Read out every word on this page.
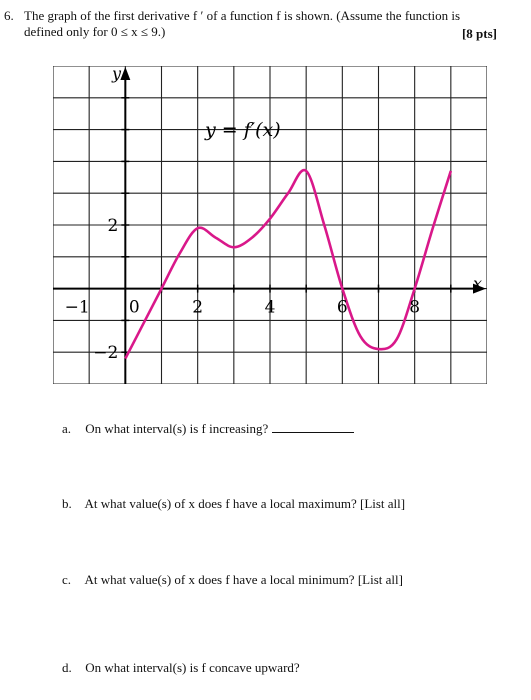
6. The graph of the first derivative f ′ of a function f is shown. (Assume the function is defined only for 0 ≤ x ≤ 9.)	[8 pts]
y = f′(x)
y
x
−1 0	2	4	6	8
2
−2
a. On what interval(s) is f increasing?
b. At what value(s) of x does f have a local maximum? [List all]
c. At what value(s) of x does f have a local minimum? [List all]
d. On what interval(s) is f concave upward?
